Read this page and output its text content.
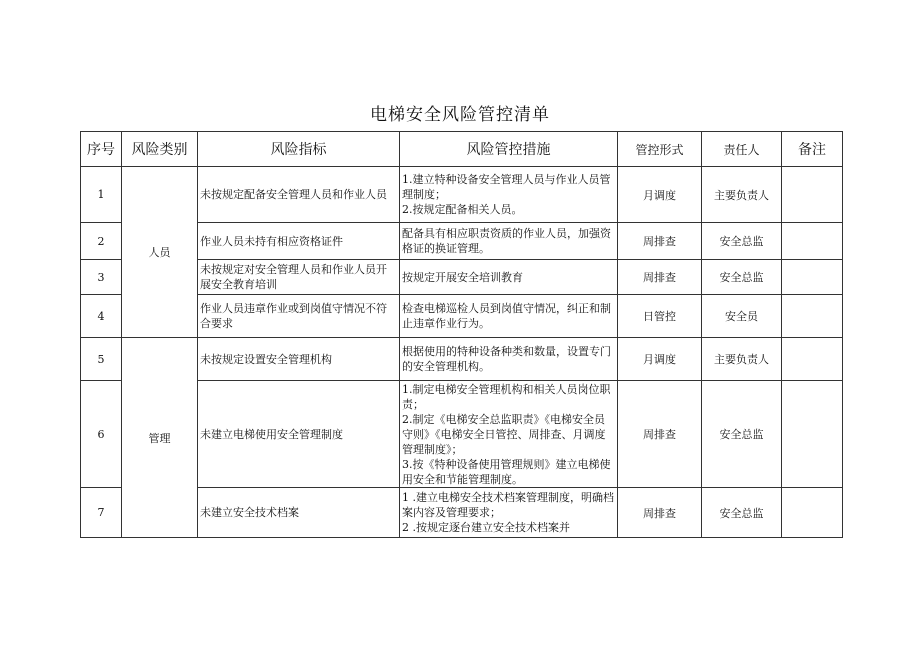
电梯安全风险管控清单
序号	风险类别	风险指标	风险管控措施	管控形式	责任人	备注
1	人员	未按规定配备安全管理人员和作业人员	1.建立特种设备安全管理人员与作业人员管理制度；
2.按规定配备相关人员。	月调度	主要负责人	
2		作业人员未持有相应资格证件	配备具有相应职责资质的作业人员，加强资格证的换证管理。	周排查	安全总监	
3		未按规定对安全管理人员和作业人员开展安全教育培训	按规定开展安全培训教育	周排查	安全总监	
4		作业人员违章作业或到岗值守情况不符合要求	检查电梯巡检人员到岗值守情况，纠正和制止违章作业行为。	日管控	安全员	
5	管理	未按规定设置安全管理机构	根据使用的特种设备种类和数量，设置专门的安全管理机构。	月调度	主要负责人	
6		未建立电梯使用安全管理制度	1.制定电梯安全管理机构和相关人员岗位职责；
2.制定《电梯安全总监职责》《电梯安全员守则》《电梯安全日管控、周排查、月调度管理制度》；
3.按《特种设备使用管理规则》建立电梯使用安全和节能管理制度。	周排查	安全总监	
7		未建立安全技术档案	1 .建立电梯安全技术档案管理制度，明确档案内容及管理要求；
2 .按规定逐台建立安全技术档案并	周排查	安全总监	
